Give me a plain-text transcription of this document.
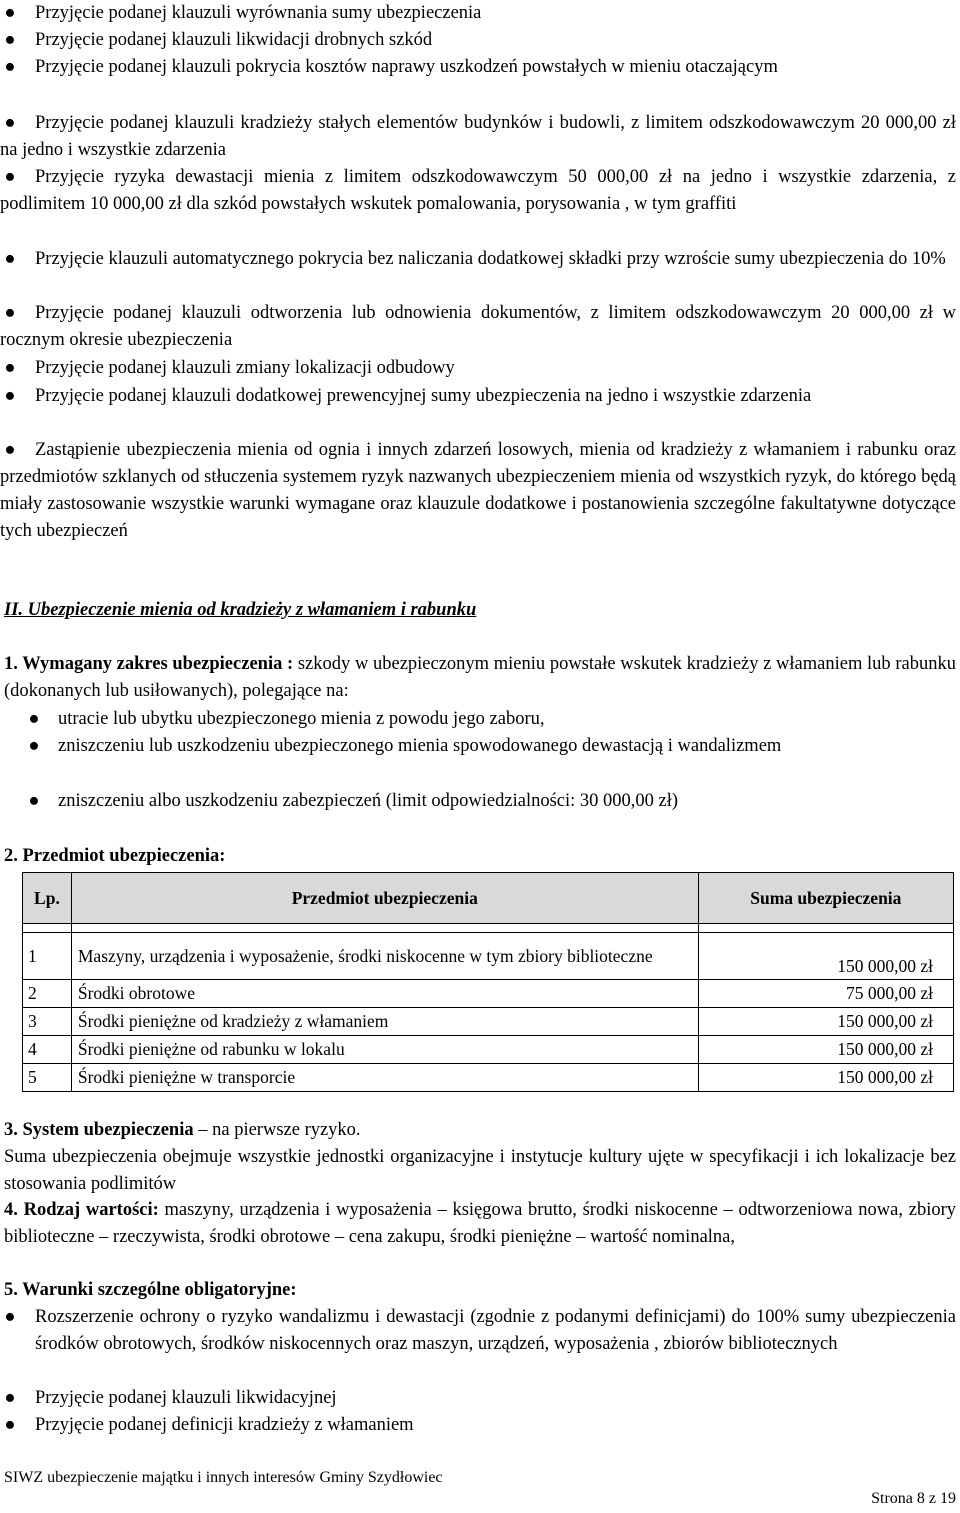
●	Przyjęcie podanej klauzuli wyrównania sumy ubezpieczenia
●	Przyjęcie podanej klauzuli likwidacji drobnych szkód
●	Przyjęcie podanej klauzuli pokrycia kosztów naprawy uszkodzeń powstałych w mieniu otaczającym
●	Przyjęcie podanej klauzuli kradzieży stałych elementów budynków i budowli, z limitem odszkodowawczym 20 000,00 zł na jedno i wszystkie zdarzenia
●	Przyjęcie ryzyka dewastacji mienia z limitem odszkodowawczym 50 000,00 zł na jedno i wszystkie zdarzenia, z podlimitem 10 000,00 zł dla szkód powstałych wskutek pomalowania, porysowania , w tym graffiti
●	Przyjęcie klauzuli automatycznego pokrycia bez naliczania dodatkowej składki przy wzroście sumy ubezpieczenia do 10%
●	Przyjęcie podanej klauzuli odtworzenia lub odnowienia dokumentów, z limitem odszkodowawczym 20 000,00 zł w rocznym okresie ubezpieczenia
●	Przyjęcie podanej klauzuli zmiany lokalizacji odbudowy
●	Przyjęcie podanej klauzuli dodatkowej prewencyjnej sumy ubezpieczenia na jedno i wszystkie zdarzenia
●	Zastąpienie ubezpieczenia mienia od ognia i innych zdarzeń losowych, mienia od kradzieży z włamaniem i rabunku oraz przedmiotów szklanych od stłuczenia systemem ryzyk nazwanych ubezpieczeniem mienia od wszystkich ryzyk, do którego będą miały zastosowanie wszystkie warunki wymagane oraz klauzule dodatkowe i postanowienia szczególne fakultatywne dotyczące tych ubezpieczeń
II. Ubezpieczenie mienia od kradzieży z włamaniem i rabunku
1. Wymagany zakres ubezpieczenia : szkody w ubezpieczonym mieniu powstałe wskutek kradzieży z włamaniem lub rabunku (dokonanych lub usiłowanych), polegające na:
● utracie lub ubytku ubezpieczonego mienia z powodu jego zaboru,
● zniszczeniu lub uszkodzeniu ubezpieczonego mienia spowodowanego dewastacją i wandalizmem
● zniszczeniu albo uszkodzeniu zabezpieczeń (limit odpowiedzialności: 30 000,00 zł)
2. Przedmiot ubezpieczenia:
Lp.	Przedmiot ubezpieczenia	Suma ubezpieczenia

1	Maszyny, urządzenia i wyposażenie, środki niskocenne w tym zbiory biblioteczne	150 000,00 zł
2	Środki obrotowe	75 000,00 zł
3	Środki pieniężne od kradzieży z włamaniem	150 000,00 zł
4	Środki pieniężne od rabunku w lokalu	150 000,00 zł
5	Środki pieniężne w transporcie	150 000,00 zł
3. System ubezpieczenia – na pierwsze ryzyko.
Suma ubezpieczenia obejmuje wszystkie jednostki organizacyjne i instytucje kultury ujęte w specyfikacji i ich lokalizacje bez stosowania podlimitów
4. Rodzaj wartości: maszyny, urządzenia i wyposażenia – księgowa brutto, środki niskocenne – odtworzeniowa nowa, zbiory biblioteczne – rzeczywista, środki obrotowe – cena zakupu, środki pieniężne – wartość nominalna,
5. Warunki szczególne obligatoryjne:
●	Rozszerzenie ochrony o ryzyko wandalizmu i dewastacji (zgodnie z podanymi definicjami) do 100% sumy ubezpieczenia środków obrotowych, środków niskocennych oraz maszyn, urządzeń, wyposażenia , zbiorów bibliotecznych
●	Przyjęcie podanej klauzuli likwidacyjnej
●	Przyjęcie podanej definicji kradzieży z włamaniem
SIWZ ubezpieczenie majątku i innych interesów Gminy Szydłowiec
Strona 8 z 19
